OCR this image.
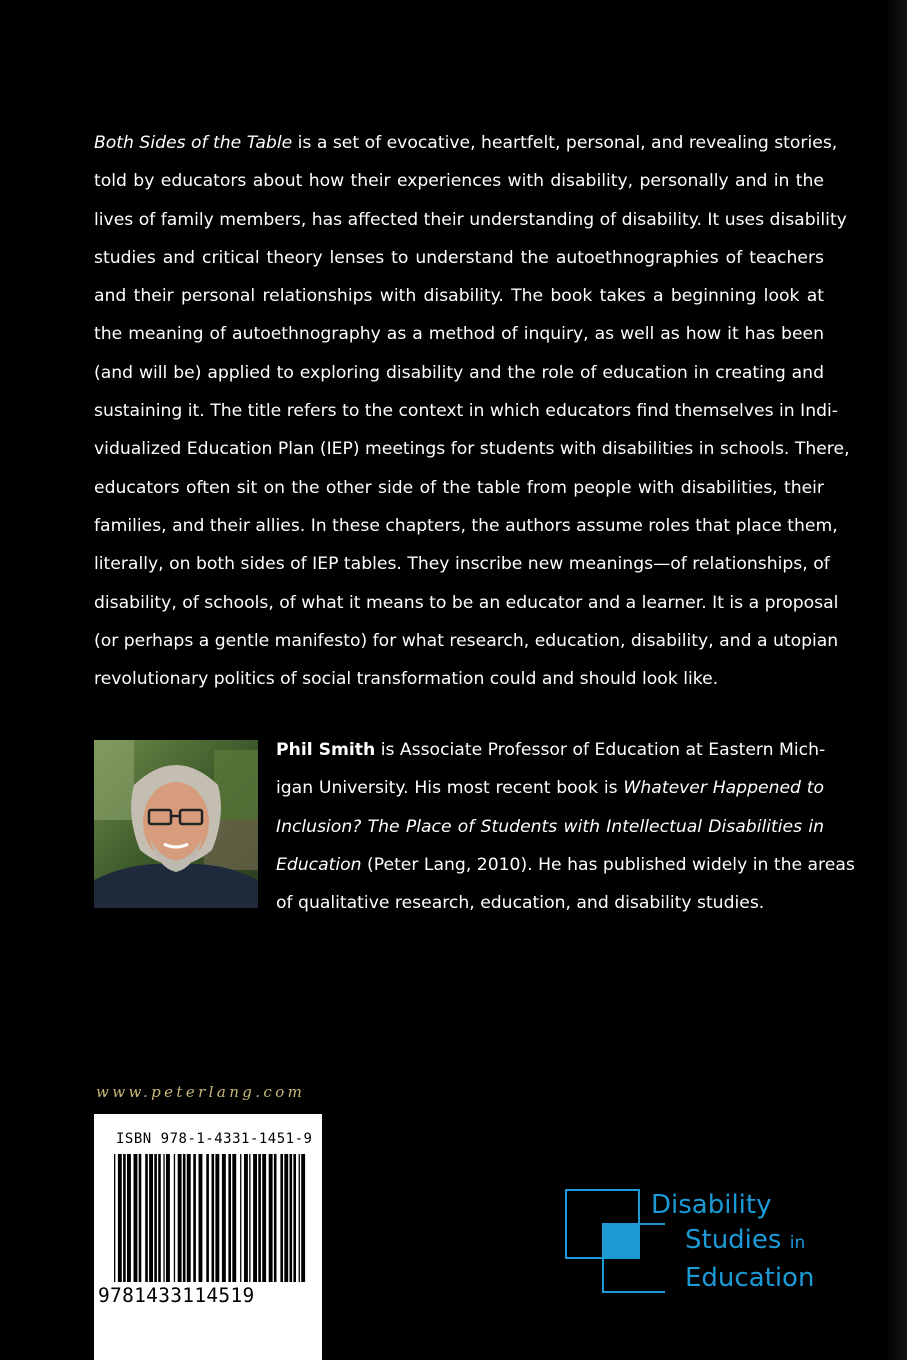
Both Sides of the Table is a set of evocative, heartfelt, personal, and revealing stories,
told by educators about how their experiences with disability, personally and in the
lives of family members, has affected their understanding of disability. It uses disability
studies and critical theory lenses to understand the autoethnographies of teachers
and their personal relationships with disability. The book takes a beginning look at
the meaning of autoethnography as a method of inquiry, as well as how it has been
(and will be) applied to exploring disability and the role of education in creating and
sustaining it. The title refers to the context in which educators find themselves in Indi-
vidualized Education Plan (IEP) meetings for students with disabilities in schools. There,
educators often sit on the other side of the table from people with disabilities, their
families, and their allies. In these chapters, the authors assume roles that place them,
literally, on both sides of IEP tables. They inscribe new meanings—of relationships, of
disability, of schools, of what it means to be an educator and a learner. It is a proposal
(or perhaps a gentle manifesto) for what research, education, disability, and a utopian
revolutionary politics of social transformation could and should look like.
Phil Smith is Associate Professor of Education at Eastern Mich-
igan University. His most recent book is Whatever Happened to
Inclusion? The Place of Students with Intellectual Disabilities in
Education (Peter Lang, 2010). He has published widely in the areas
of qualitative research, education, and disability studies.
www.peterlang.com
ISBN 978-1-4331-1451-9
9781433114519
Disability
Studies in
Education
